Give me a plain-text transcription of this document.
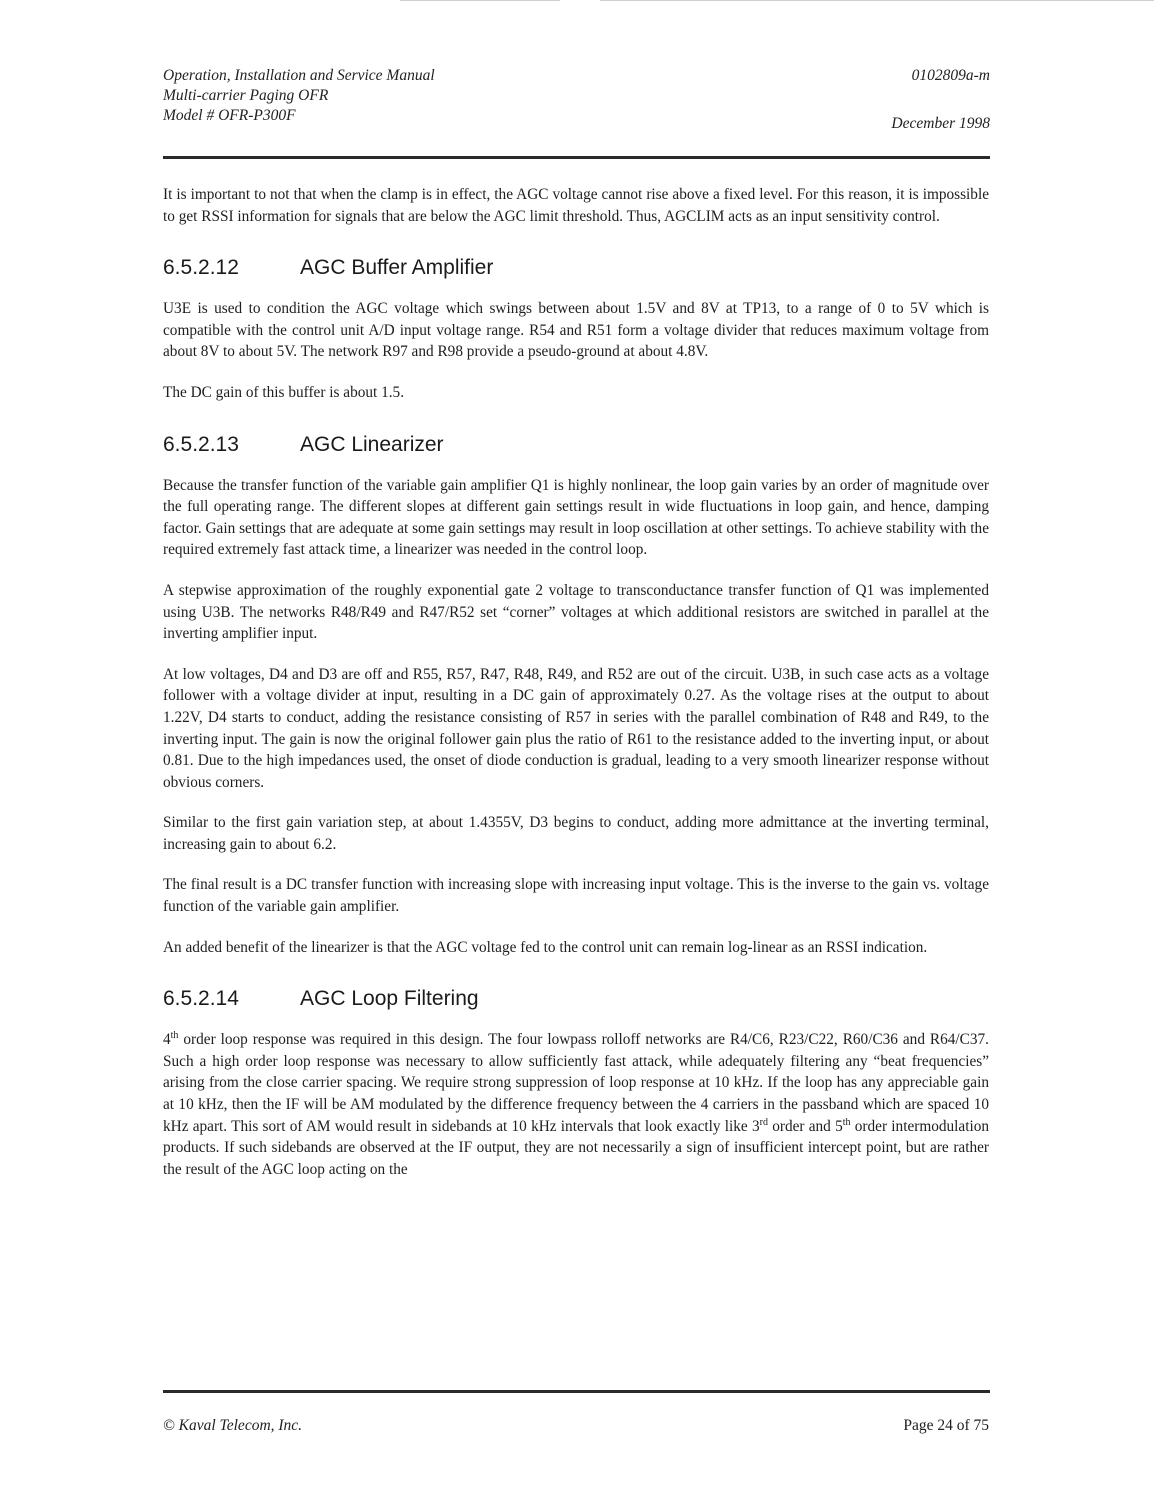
Operation, Installation and Service Manual
Multi-carrier Paging OFR
Model # OFR-P300F
0102809a-m
December 1998

It is important to not that when the clamp is in effect, the AGC voltage cannot rise above a fixed level. For this reason, it is impossible to get RSSI information for signals that are below the AGC limit threshold. Thus, AGCLIM acts as an input sensitivity control.

6.5.2.12	AGC Buffer Amplifier

U3E is used to condition the AGC voltage which swings between about 1.5V and 8V at TP13, to a range of 0 to 5V which is compatible with the control unit A/D input voltage range. R54 and R51 form a voltage divider that reduces maximum voltage from about 8V to about 5V. The network R97 and R98 provide a pseudo-ground at about 4.8V.

The DC gain of this buffer is about 1.5.

6.5.2.13	AGC Linearizer

Because the transfer function of the variable gain amplifier Q1 is highly nonlinear, the loop gain varies by an order of magnitude over the full operating range. The different slopes at different gain settings result in wide fluctuations in loop gain, and hence, damping factor. Gain settings that are adequate at some gain settings may result in loop oscillation at other settings. To achieve stability with the required extremely fast attack time, a linearizer was needed in the control loop.

A stepwise approximation of the roughly exponential gate 2 voltage to transconductance transfer function of Q1 was implemented using U3B. The networks R48/R49 and R47/R52 set “corner” voltages at which additional resistors are switched in parallel at the inverting amplifier input.

At low voltages, D4 and D3 are off and R55, R57, R47, R48, R49, and R52 are out of the circuit. U3B, in such case acts as a voltage follower with a voltage divider at input, resulting in a DC gain of approximately 0.27. As the voltage rises at the output to about 1.22V, D4 starts to conduct, adding the resistance consisting of R57 in series with the parallel combination of R48 and R49, to the inverting input. The gain is now the original follower gain plus the ratio of R61 to the resistance added to the inverting input, or about 0.81. Due to the high impedances used, the onset of diode conduction is gradual, leading to a very smooth linearizer response without obvious corners.

Similar to the first gain variation step, at about 1.4355V, D3 begins to conduct, adding more admittance at the inverting terminal, increasing gain to about 6.2.

The final result is a DC transfer function with increasing slope with increasing input voltage. This is the inverse to the gain vs. voltage function of the variable gain amplifier.

An added benefit of the linearizer is that the AGC voltage fed to the control unit can remain log-linear as an RSSI indication.

6.5.2.14	AGC Loop Filtering

4th order loop response was required in this design. The four lowpass rolloff networks are R4/C6, R23/C22, R60/C36 and R64/C37. Such a high order loop response was necessary to allow sufficiently fast attack, while adequately filtering any “beat frequencies” arising from the close carrier spacing. We require strong suppression of loop response at 10 kHz. If the loop has any appreciable gain at 10 kHz, then the IF will be AM modulated by the difference frequency between the 4 carriers in the passband which are spaced 10 kHz apart. This sort of AM would result in sidebands at 10 kHz intervals that look exactly like 3rd order and 5th order intermodulation products. If such sidebands are observed at the IF output, they are not necessarily a sign of insufficient intercept point, but are rather the result of the AGC loop acting on the

© Kaval Telecom, Inc.	Page 24 of 75
